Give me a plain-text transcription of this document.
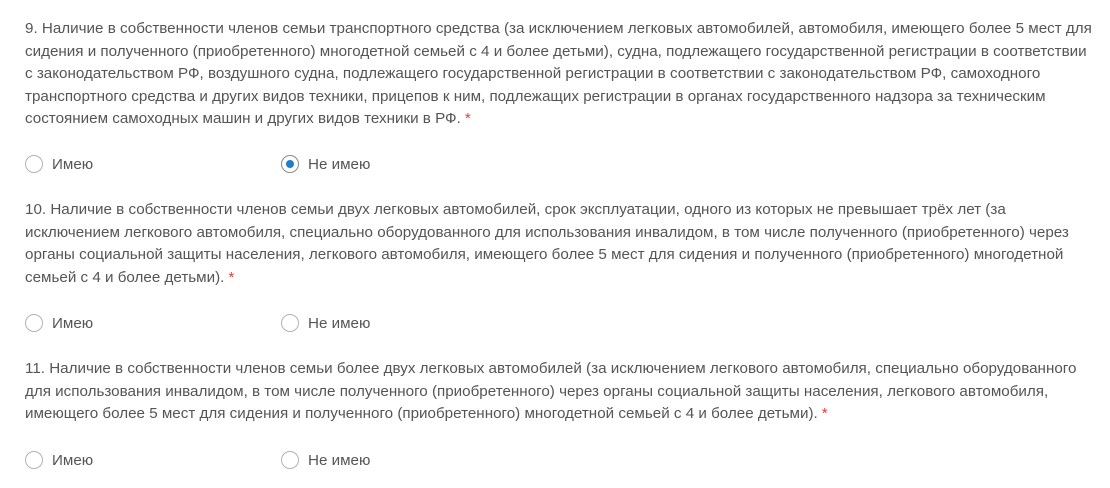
9. Наличие в собственности членов семьи транспортного средства (за исключением легковых автомобилей, автомобиля, имеющего более 5 мест для сидения и полученного (приобретенного) многодетной семьей с 4 и более детьми), судна, подлежащего государственной регистрации в соответствии с законодательством РФ, воздушного судна, подлежащего государственной регистрации в соответствии с законодательством РФ, самоходного транспортного средства и других видов техники, прицепов к ним, подлежащих регистрации в органах государственного надзора за техническим состоянием самоходных машин и других видов техники в РФ. *

Имею	Не имею

10. Наличие в собственности членов семьи двух легковых автомобилей, срок эксплуатации, одного из которых не превышает трёх лет (за исключением легкового автомобиля, специально оборудованного для использования инвалидом, в том числе полученного (приобретенного) через органы социальной защиты населения, легкового автомобиля, имеющего более 5 мест для сидения и полученного (приобретенного) многодетной семьей с 4 и более детьми). *

Имею	Не имею

11. Наличие в собственности членов семьи более двух легковых автомобилей (за исключением легкового автомобиля, специально оборудованного для использования инвалидом, в том числе полученного (приобретенного) через органы социальной защиты населения, легкового автомобиля, имеющего более 5 мест для сидения и полученного (приобретенного) многодетной семьей с 4 и более детьми). *

Имею	Не имею
